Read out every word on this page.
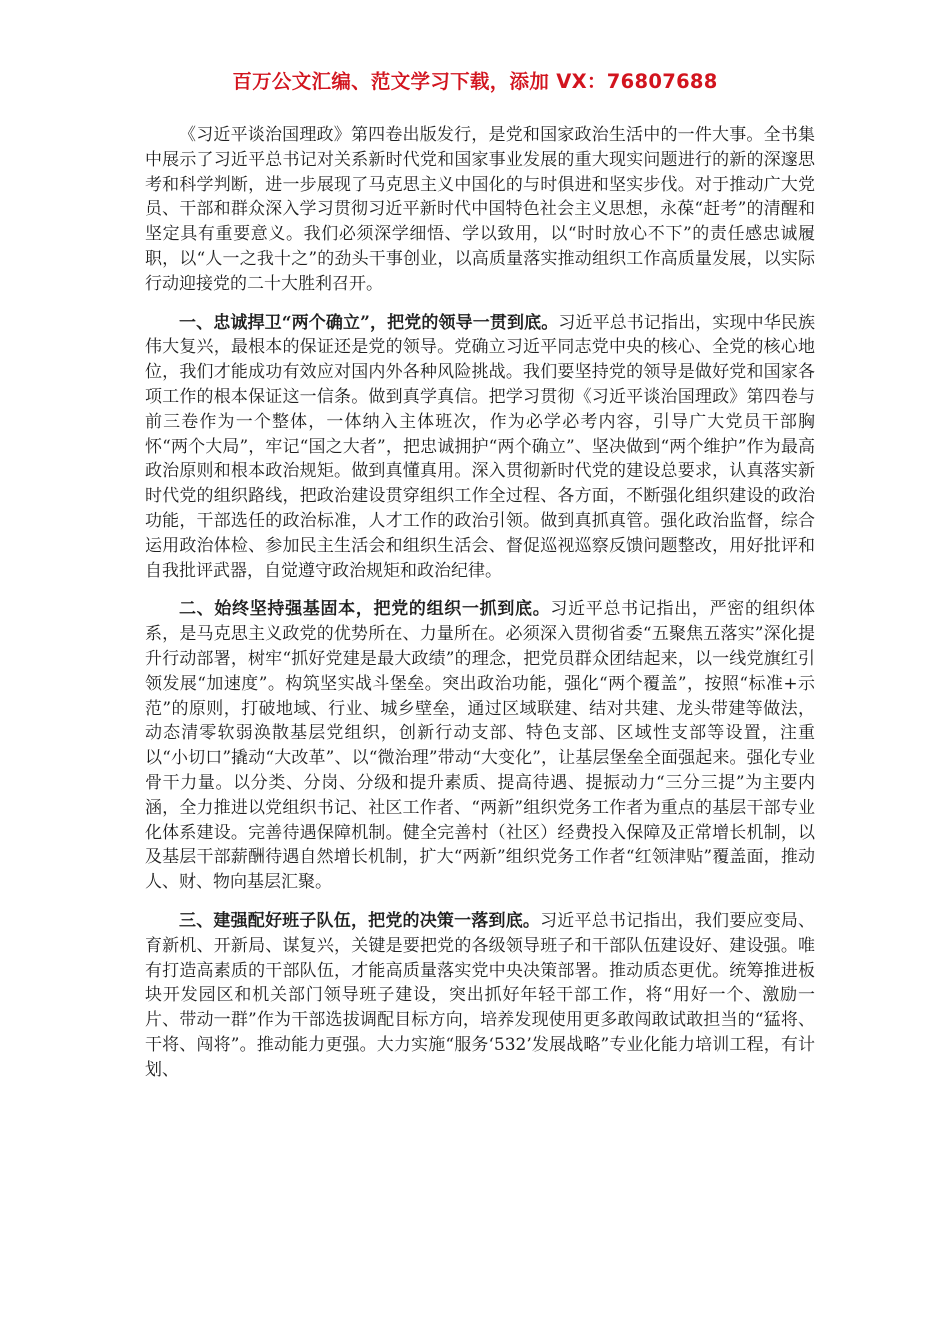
百万公文汇编、范文学习下载，添加 VX：76807688

《习近平谈治国理政》第四卷出版发行，是党和国家政治生活中的一件大事。全书集中展示了习近平总书记对关系新时代党和国家事业发展的重大现实问题进行的新的深邃思考和科学判断，进一步展现了马克思主义中国化的与时俱进和坚实步伐。对于推动广大党员、干部和群众深入学习贯彻习近平新时代中国特色社会主义思想，永葆“赶考”的清醒和坚定具有重要意义。我们必须深学细悟、学以致用，以“时时放心不下”的责任感忠诚履职，以“人一之我十之”的劲头干事创业，以高质量落实推动组织工作高质量发展，以实际行动迎接党的二十大胜利召开。

一、忠诚捍卫“两个确立”，把党的领导一贯到底。习近平总书记指出，实现中华民族伟大复兴，最根本的保证还是党的领导。党确立习近平同志党中央的核心、全党的核心地位，我们才能成功有效应对国内外各种风险挑战。我们要坚持党的领导是做好党和国家各项工作的根本保证这一信条。做到真学真信。把学习贯彻《习近平谈治国理政》第四卷与前三卷作为一个整体，一体纳入主体班次，作为必学必考内容，引导广大党员干部胸怀“两个大局”，牢记“国之大者”，把忠诚拥护“两个确立”、坚决做到“两个维护”作为最高政治原则和根本政治规矩。做到真懂真用。深入贯彻新时代党的建设总要求，认真落实新时代党的组织路线，把政治建设贯穿组织工作全过程、各方面，不断强化组织建设的政治功能，干部选任的政治标准，人才工作的政治引领。做到真抓真管。强化政治监督，综合运用政治体检、参加民主生活会和组织生活会、督促巡视巡察反馈问题整改，用好批评和自我批评武器，自觉遵守政治规矩和政治纪律。

二、始终坚持强基固本，把党的组织一抓到底。习近平总书记指出，严密的组织体系，是马克思主义政党的优势所在、力量所在。必须深入贯彻省委“五聚焦五落实”深化提升行动部署，树牢“抓好党建是最大政绩”的理念，把党员群众团结起来，以一线党旗红引领发展“加速度”。构筑坚实战斗堡垒。突出政治功能，强化“两个覆盖”，按照“标准+示范”的原则，打破地域、行业、城乡壁垒，通过区域联建、结对共建、龙头带建等做法，动态清零软弱涣散基层党组织，创新行动支部、特色支部、区域性支部等设置，注重以“小切口”撬动“大改革”、以“微治理”带动“大变化”，让基层堡垒全面强起来。强化专业骨干力量。以分类、分岗、分级和提升素质、提高待遇、提振动力“三分三提”为主要内涵，全力推进以党组织书记、社区工作者、“两新”组织党务工作者为重点的基层干部专业化体系建设。完善待遇保障机制。健全完善村（社区）经费投入保障及正常增长机制，以及基层干部薪酬待遇自然增长机制，扩大“两新”组织党务工作者“红领津贴”覆盖面，推动人、财、物向基层汇聚。

三、建强配好班子队伍，把党的决策一落到底。习近平总书记指出，我们要应变局、育新机、开新局、谋复兴，关键是要把党的各级领导班子和干部队伍建设好、建设强。唯有打造高素质的干部队伍，才能高质量落实党中央决策部署。推动质态更优。统筹推进板块开发园区和机关部门领导班子建设，突出抓好年轻干部工作，将“用好一个、激励一片、带动一群”作为干部选拔调配目标方向，培养发现使用更多敢闯敢试敢担当的“猛将、干将、闯将”。推动能力更强。大力实施“服务‘532’发展战略”专业化能力培训工程，有计划、
